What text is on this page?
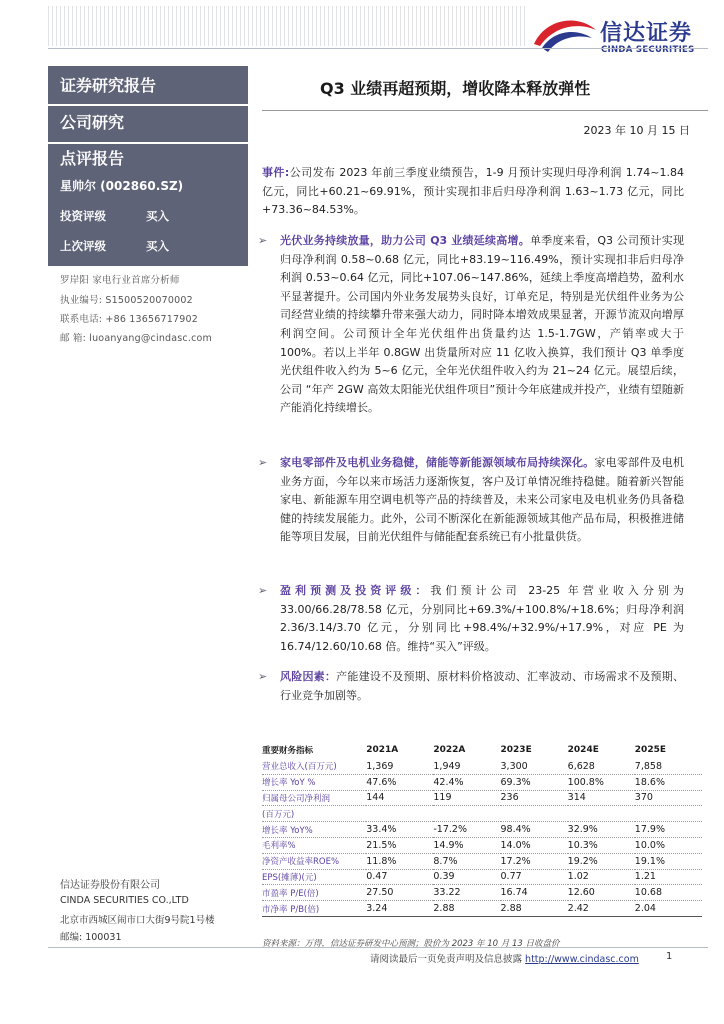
信达证券
CINDA SECURITIES
证券研究报告
公司研究
点评报告
星帅尔 (002860.SZ)
投资评级	买入
上次评级	买入
罗岸阳 家电行业首席分析师
执业编号: S1500520070002
联系电话: +86 13656717902
邮 箱: luoanyang@cindasc.com
信达证券股份有限公司
CINDA SECURITIES CO.,LTD
北京市西城区闹市口大街9号院1号楼
邮编: 100031
Q3 业绩再超预期，增收降本释放弹性
2023 年 10 月 15 日
事件:公司发布 2023 年前三季度业绩预告，1-9 月预计实现归母净利润 1.74~1.84 亿元，同比+60.21~69.91%，预计实现扣非后归母净利润 1.63~1.73 亿元，同比+73.36~84.53%。
➢ 光伏业务持续放量，助力公司 Q3 业绩延续高增。单季度来看，Q3 公司预计实现归母净利润 0.58~0.68 亿元，同比+83.19~116.49%，预计实现扣非后归母净利润 0.53~0.64 亿元，同比+107.06~147.86%，延续上季度高增趋势，盈利水平显著提升。公司国内外业务发展势头良好，订单充足，特别是光伏组件业务为公司经营业绩的持续攀升带来强大动力，同时降本增效成果显著，开源节流双向增厚利润空间。公司预计全年光伏组件出货量约达 1.5-1.7GW，产销率或大于 100%。若以上半年 0.8GW 出货量所对应 11 亿收入换算，我们预计 Q3 单季度光伏组件收入约为 5~6 亿元，全年光伏组件收入约为 21~24 亿元。展望后续，公司 “年产 2GW 高效太阳能光伏组件项目”预计今年底建成并投产，业绩有望随新产能消化持续增长。
➢ 家电零部件及电机业务稳健，储能等新能源领域布局持续深化。家电零部件及电机业务方面，今年以来市场活力逐渐恢复，客户及订单情况维持稳健。随着新兴智能家电、新能源车用空调电机等产品的持续普及，未来公司家电及电机业务仍具备稳健的持续发展能力。此外，公司不断深化在新能源领域其他产品布局，积极推进储能等项目发展，目前光伏组件与储能配套系统已有小批量供货。
➢ 盈利预测及投资评级：我们预计公司 23-25 年营业收入分别为 33.00/66.28/78.58 亿元，分别同比+69.3%/+100.8%/+18.6%；归母净利润 2.36/3.14/3.70 亿元，分别同比+98.4%/+32.9%/+17.9%，对应 PE 为 16.74/12.60/10.68 倍。维持“买入”评级。
➢ 风险因素：产能建设不及预期、原材料价格波动、汇率波动、市场需求不及预期、行业竞争加剧等。
重要财务指标	2021A	2022A	2023E	2024E	2025E
营业总收入(百万元)	1,369	1,949	3,300	6,628	7,858
增长率 YoY %	47.6%	42.4%	69.3%	100.8%	18.6%
归属母公司净利润	144	119	236	314	370
(百万元)					
增长率 YoY%	33.4%	-17.2%	98.4%	32.9%	17.9%
毛利率%	21.5%	14.9%	14.0%	10.3%	10.0%
净资产收益率ROE%	11.8%	8.7%	17.2%	19.2%	19.1%
EPS(摊薄)(元)	0.47	0.39	0.77	1.02	1.21
市盈率 P/E(倍)	27.50	33.22	16.74	12.60	10.68
市净率 P/B(倍)	3.24	2.88	2.88	2.42	2.04
资料来源：万得，信达证券研发中心预测；股价为 2023 年 10 月 13 日收盘价
请阅读最后一页免责声明及信息披露 http://www.cindasc.com	1
